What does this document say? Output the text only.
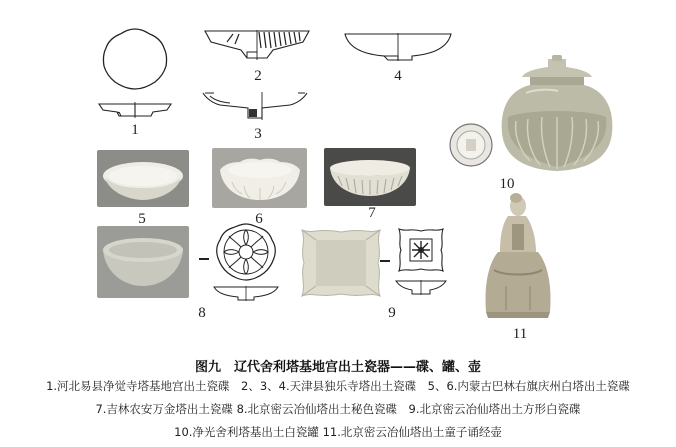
1
2
3
4
5	6	7
8	9
10
11
图九　辽代舍利塔基地宫出土瓷器——碟、罐、壶
1.河北易县净觉寺塔基地宫出土瓷碟　2、3、4.天津县独乐寺塔出土瓷碟　5、6.内蒙古巴林右旗庆州白塔出土瓷碟
7.吉林农安万金塔出土瓷碟 8.北京密云冶仙塔出土秘色瓷碟　9.北京密云冶仙塔出土方形白瓷碟
10.净光舍利塔基出土白瓷罐 11.北京密云冶仙塔出土童子诵经壶
